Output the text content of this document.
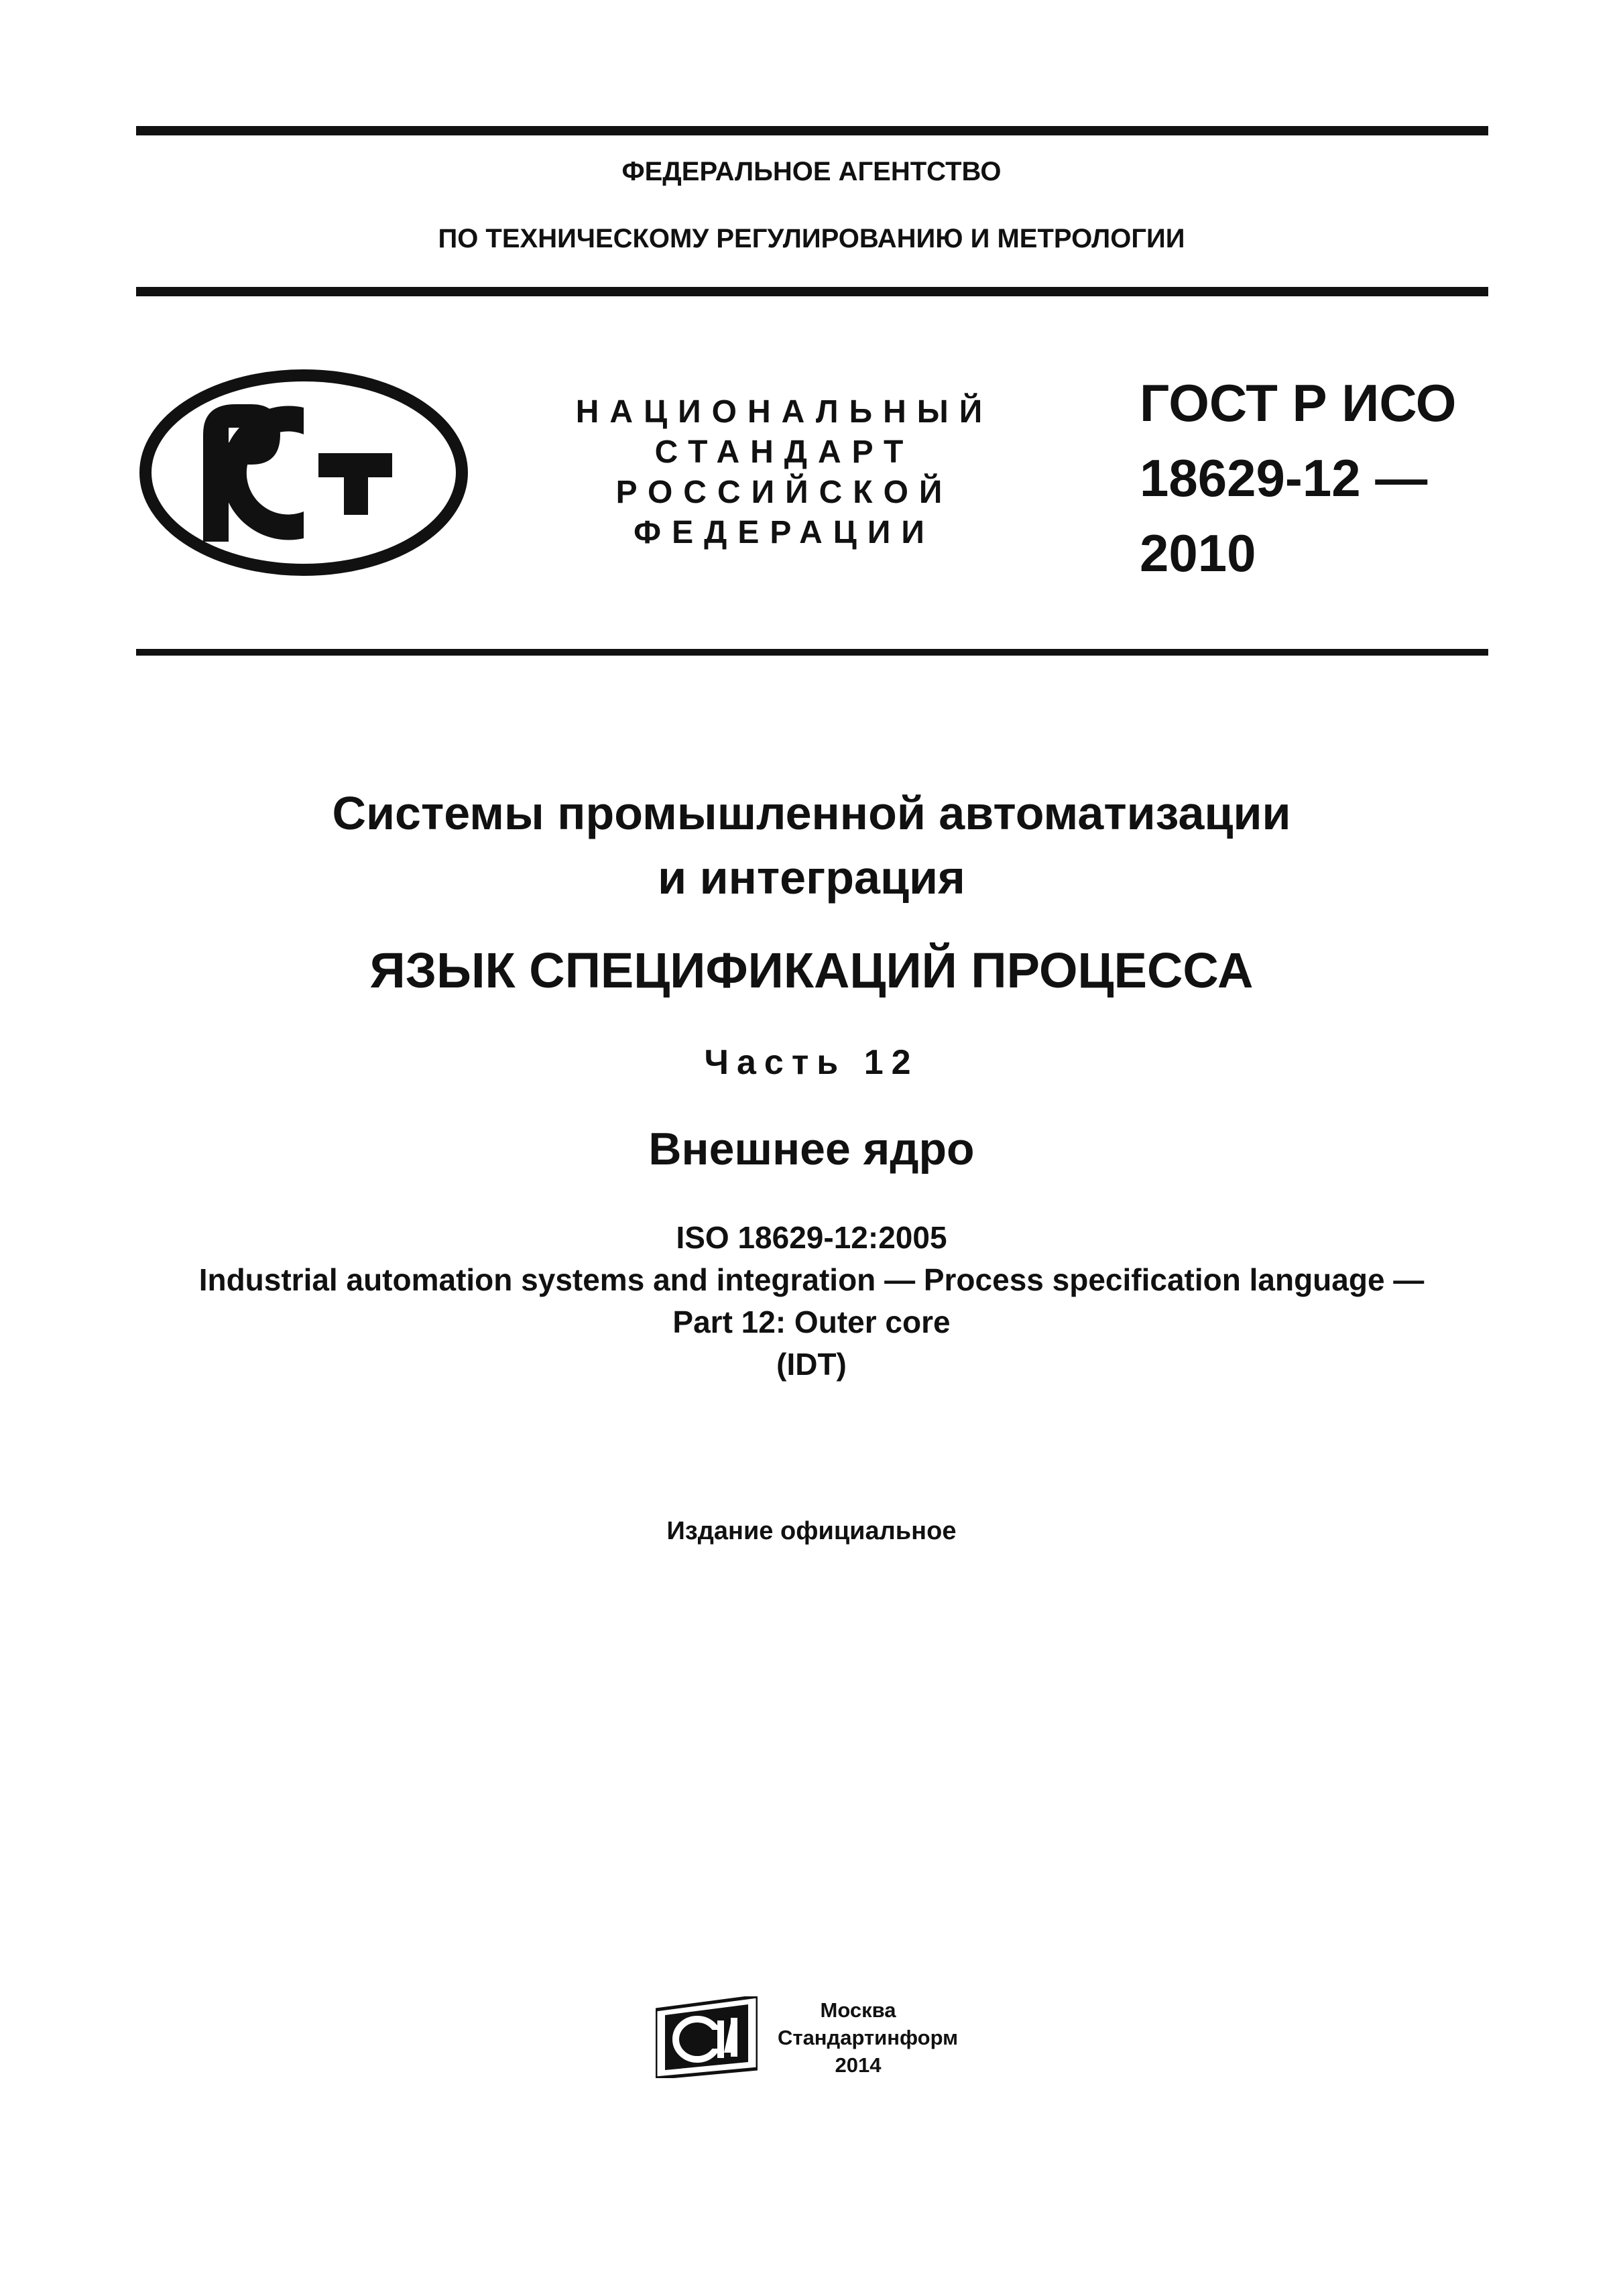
ФЕДЕРАЛЬНОЕ АГЕНТСТВО
ПО ТЕХНИЧЕСКОМУ РЕГУЛИРОВАНИЮ И МЕТРОЛОГИИ
НАЦИОНАЛЬНЫЙ
СТАНДАРТ
РОССИЙСКОЙ
ФЕДЕРАЦИИ
ГОСТ Р ИСО
18629-12 —
2010
Системы промышленной автоматизации
и интеграция
ЯЗЫК СПЕЦИФИКАЦИЙ ПРОЦЕССА
Часть 12
Внешнее ядро
ISO 18629-12:2005
Industrial automation systems and integration — Process specification language —
Part 12: Outer core
(IDT)
Издание официальное
Москва
Стандартинформ
2014
